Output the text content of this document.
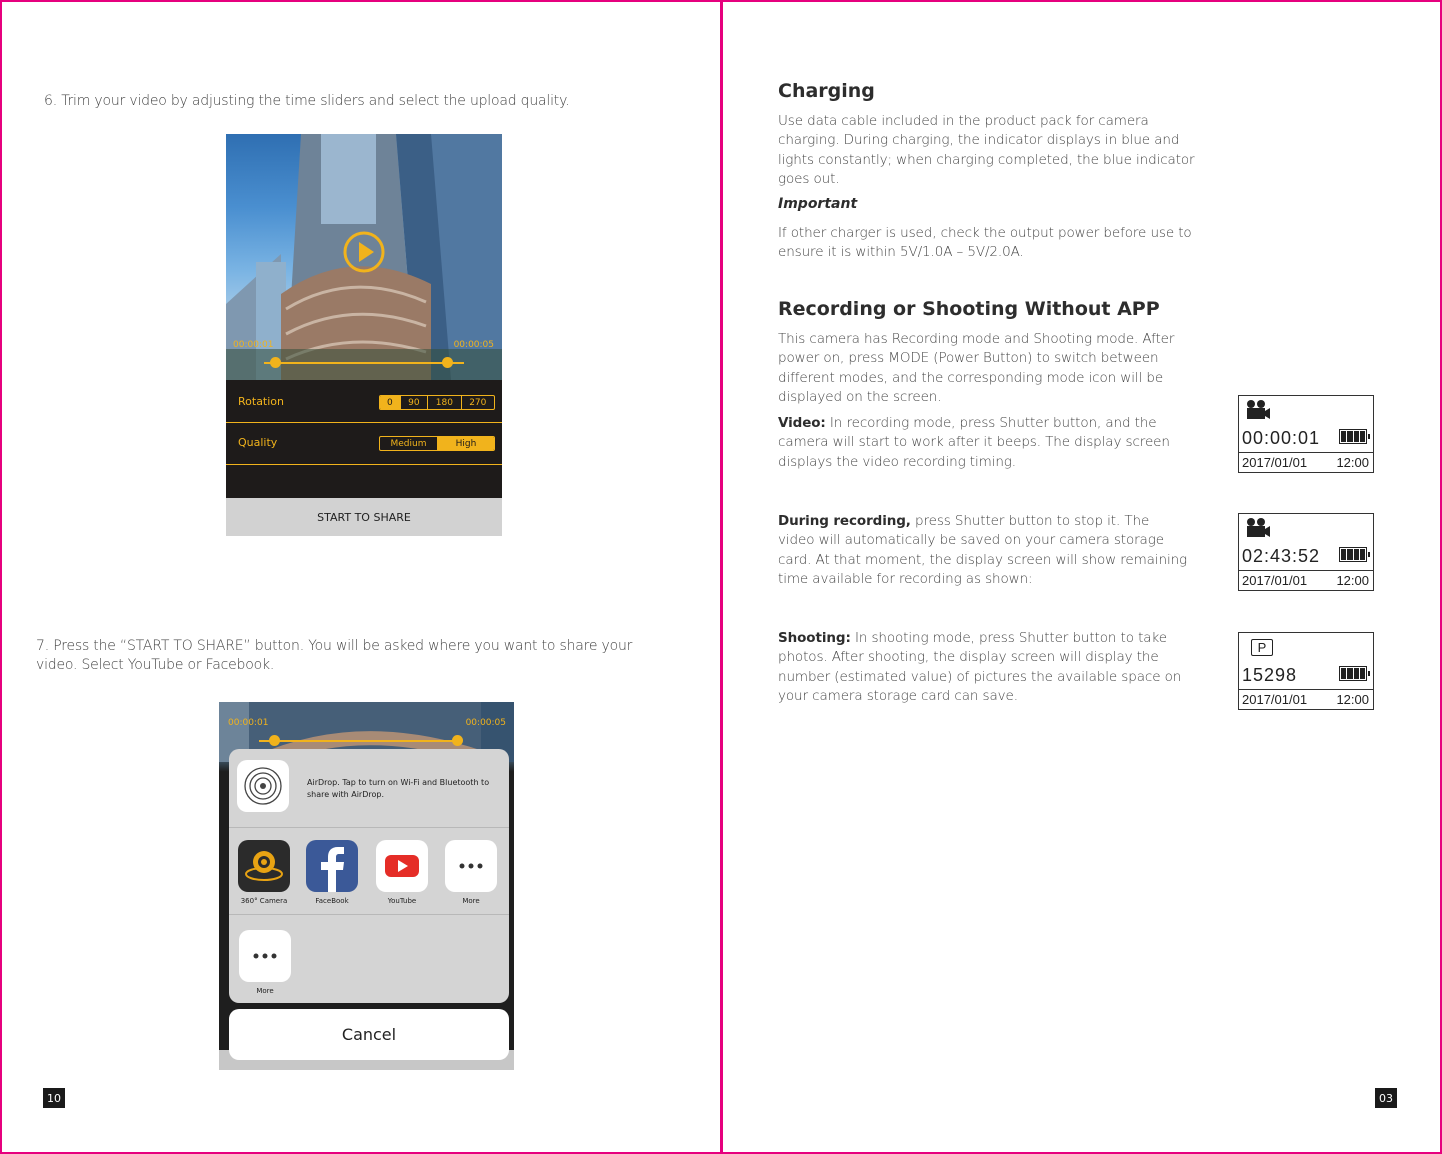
6. Trim your video by adjusting the time sliders and select the upload quality.
00:00:01	00:00:05
Rotation	0	90	180	270
Quality	Medium	High
START TO SHARE
7. Press the “START TO SHARE” button. You will be asked where you want to share your
video. Select YouTube or Facebook.
00:00:01	00:00:05
AirDrop. Tap to turn on Wi-Fi and Bluetooth to
share with AirDrop.
360° Camera	FaceBook	YouTube	More
More
Cancel
10
Charging
Use data cable included in the product pack for camera
charging. During charging, the indicator displays in blue and
lights constantly; when charging completed, the blue indicator
goes out.
Important
If other charger is used, check the output power before use to
ensure it is within 5V/1.0A – 5V/2.0A.
Recording or Shooting Without APP
This camera has Recording mode and Shooting mode. After
power on, press MODE (Power Button) to switch between
different modes, and the corresponding mode icon will be
displayed on the screen.
Video: In recording mode, press Shutter button, and the
camera will start to work after it beeps. The display screen
displays the video recording timing.
During recording, press Shutter button to stop it. The
video will automatically be saved on your camera storage
card. At that moment, the display screen will show remaining
time available for recording as shown:
Shooting: In shooting mode, press Shutter button to take
photos. After shooting, the display screen will display the
number (estimated value) of pictures the available space on
your camera storage card can save.
00:00:01
2017/01/01 12:00
02:43:52
2017/01/01 12:00
P
15298
2017/01/01 12:00
03
